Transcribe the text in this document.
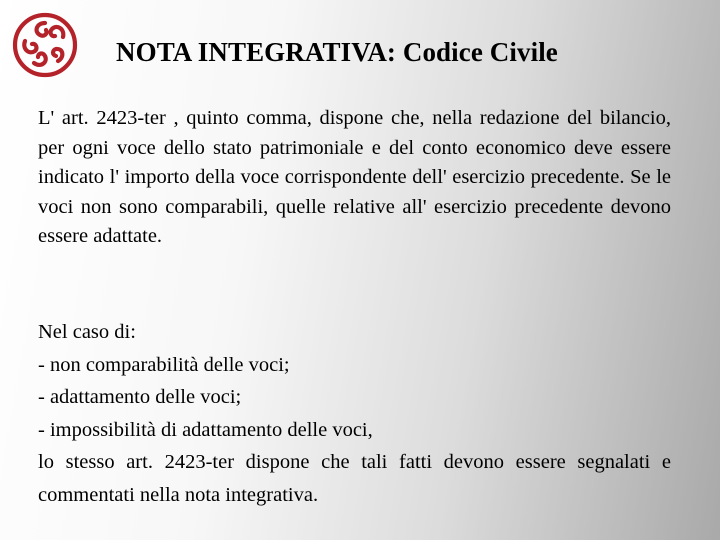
NOTA INTEGRATIVA: Codice Civile

L' art. 2423-ter , quinto comma, dispone che, nella redazione del bilancio, per ogni voce dello stato patrimoniale e del conto economico deve essere indicato l' importo della voce corrispondente dell' esercizio precedente. Se le voci non sono comparabili, quelle relative all' esercizio precedente devono essere adattate.

Nel caso di:
- non comparabilità delle voci;
- adattamento delle voci;
- impossibilità di adattamento delle voci,
lo stesso art. 2423-ter dispone che tali fatti devono essere segnalati e commentati nella nota integrativa.
